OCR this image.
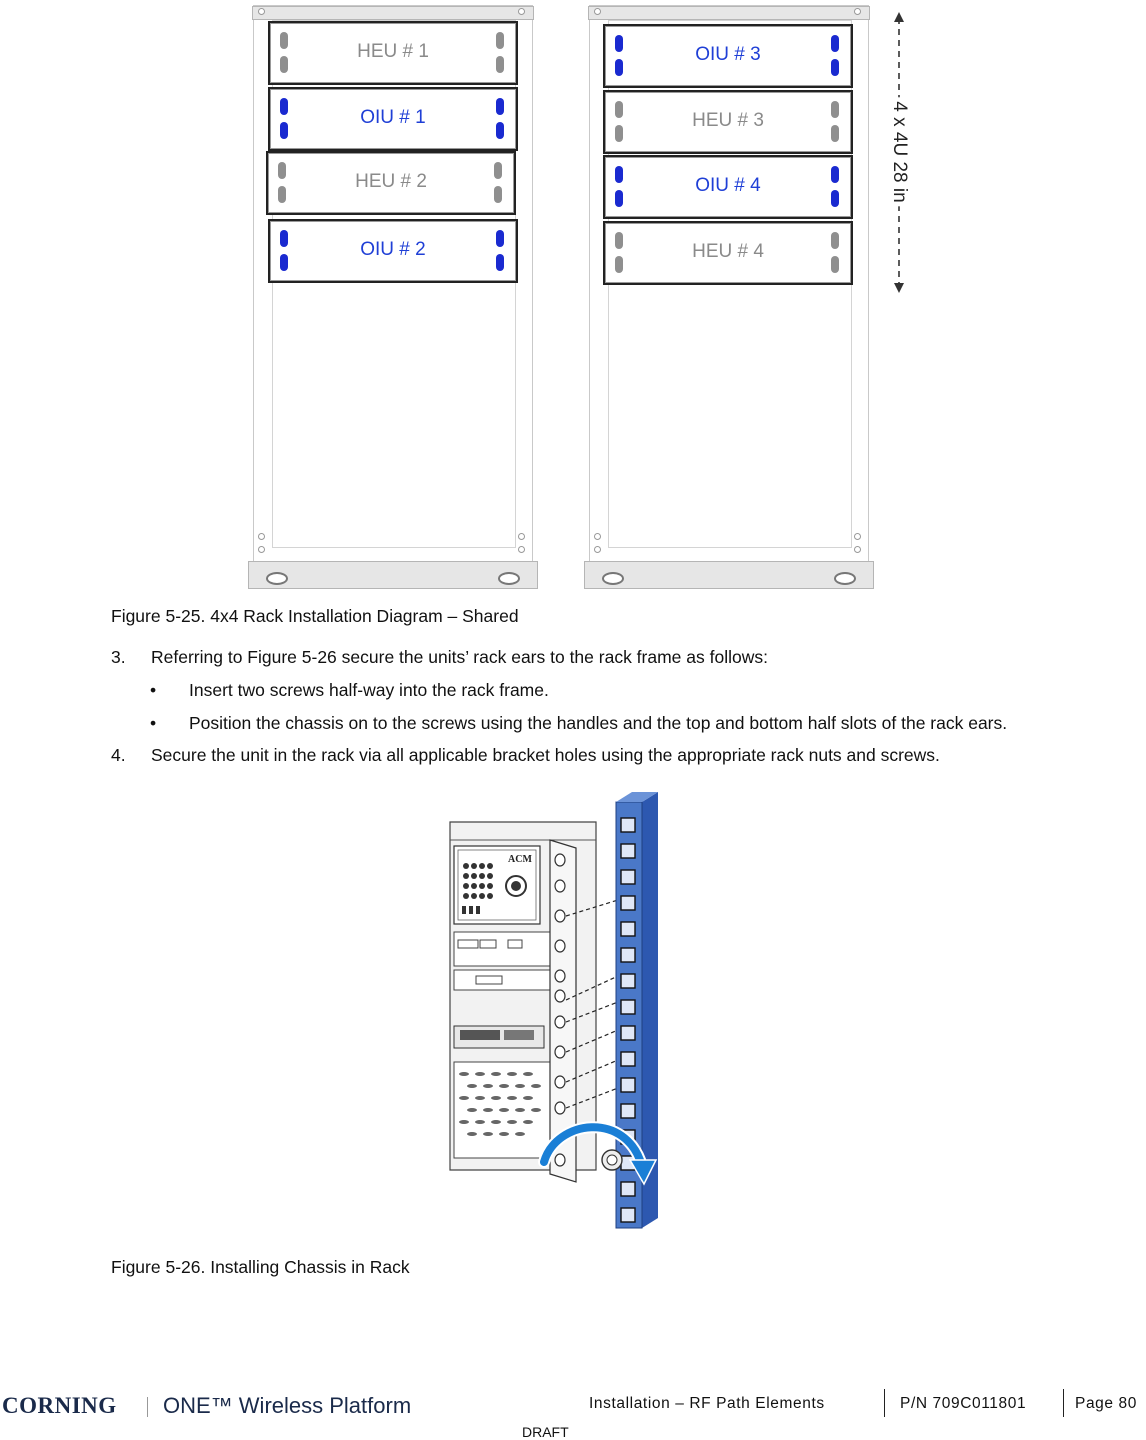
HEU # 1
OIU # 1
HEU # 2
OIU # 2
OIU # 3
HEU # 3
OIU # 4
HEU # 4
4 x 4U 28 in
Figure 5-25. 4x4 Rack Installation Diagram – Shared
3. Referring to Figure 5-26 secure the units’ rack ears to the rack frame as follows:
• Insert two screws half-way into the rack frame.
• Position the chassis on to the screws using the handles and the top and bottom half slots of the rack ears.
4. Secure the unit in the rack via all applicable bracket holes using the appropriate rack nuts and screws.
ACM
Figure 5-26. Installing Chassis in Rack
CORNING ONE™ Wireless Platform	Installation – RF Path Elements	P/N 709C011801	Page 80
DRAFT
